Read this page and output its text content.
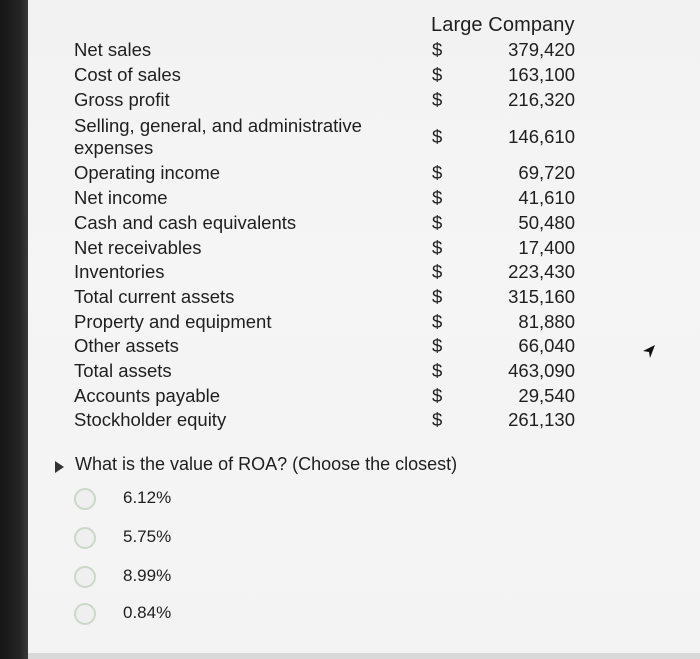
Large Company
Net sales	$	379,420
Cost of sales	$	163,100
Gross profit	$	216,320
Selling, general, and administrative expenses
$	146,610
Operating income	$	69,720
Net income	$	41,610
Cash and cash equivalents	$	50,480
Net receivables	$	17,400
Inventories	$	223,430
Total current assets	$	315,160
Property and equipment	$	81,880
Other assets	$	66,040
Total assets	$	463,090
Accounts payable	$	29,540
Stockholder equity	$	261,130
What is the value of ROA? (Choose the closest)
6.12%
5.75%
8.99%
0.84%
